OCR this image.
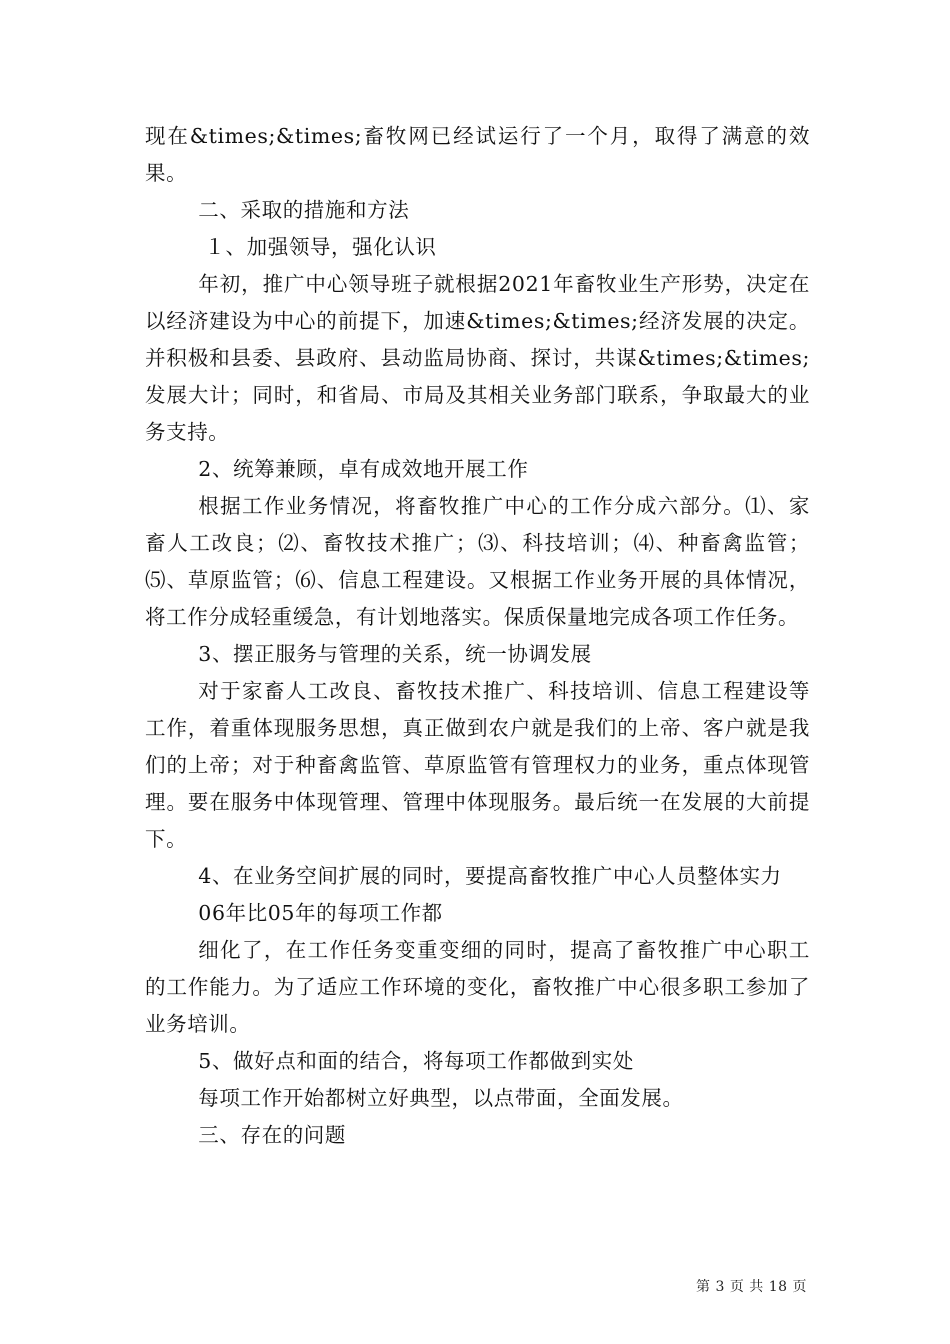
现在&times;&times;畜牧网已经试运行了一个月，取得了满意的效果。

二、采取的措施和方法

１、加强领导，强化认识

年初，推广中心领导班子就根据2021年畜牧业生产形势，决定在以经济建设为中心的前提下，加速&times;&times;经济发展的决定。并积极和县委、县政府、县动监局协商、探讨，共谋&times;&times;发展大计；同时，和省局、市局及其相关业务部门联系，争取最大的业务支持。

2、统筹兼顾，卓有成效地开展工作

根据工作业务情况，将畜牧推广中心的工作分成六部分。⑴、家畜人工改良；⑵、畜牧技术推广；⑶、科技培训；⑷、种畜禽监管；⑸、草原监管；⑹、信息工程建设。又根据工作业务开展的具体情况，将工作分成轻重缓急，有计划地落实。保质保量地完成各项工作任务。

3、摆正服务与管理的关系，统一协调发展

对于家畜人工改良、畜牧技术推广、科技培训、信息工程建设等工作，着重体现服务思想，真正做到农户就是我们的上帝、客户就是我们的上帝；对于种畜禽监管、草原监管有管理权力的业务，重点体现管理。要在服务中体现管理、管理中体现服务。最后统一在发展的大前提下。

4、在业务空间扩展的同时，要提高畜牧推广中心人员整体实力

06年比05年的每项工作都

细化了，在工作任务变重变细的同时，提高了畜牧推广中心职工的工作能力。为了适应工作环境的变化，畜牧推广中心很多职工参加了业务培训。

5、做好点和面的结合，将每项工作都做到实处

每项工作开始都树立好典型，以点带面，全面发展。

三、存在的问题

第 3 页 共 18 页
